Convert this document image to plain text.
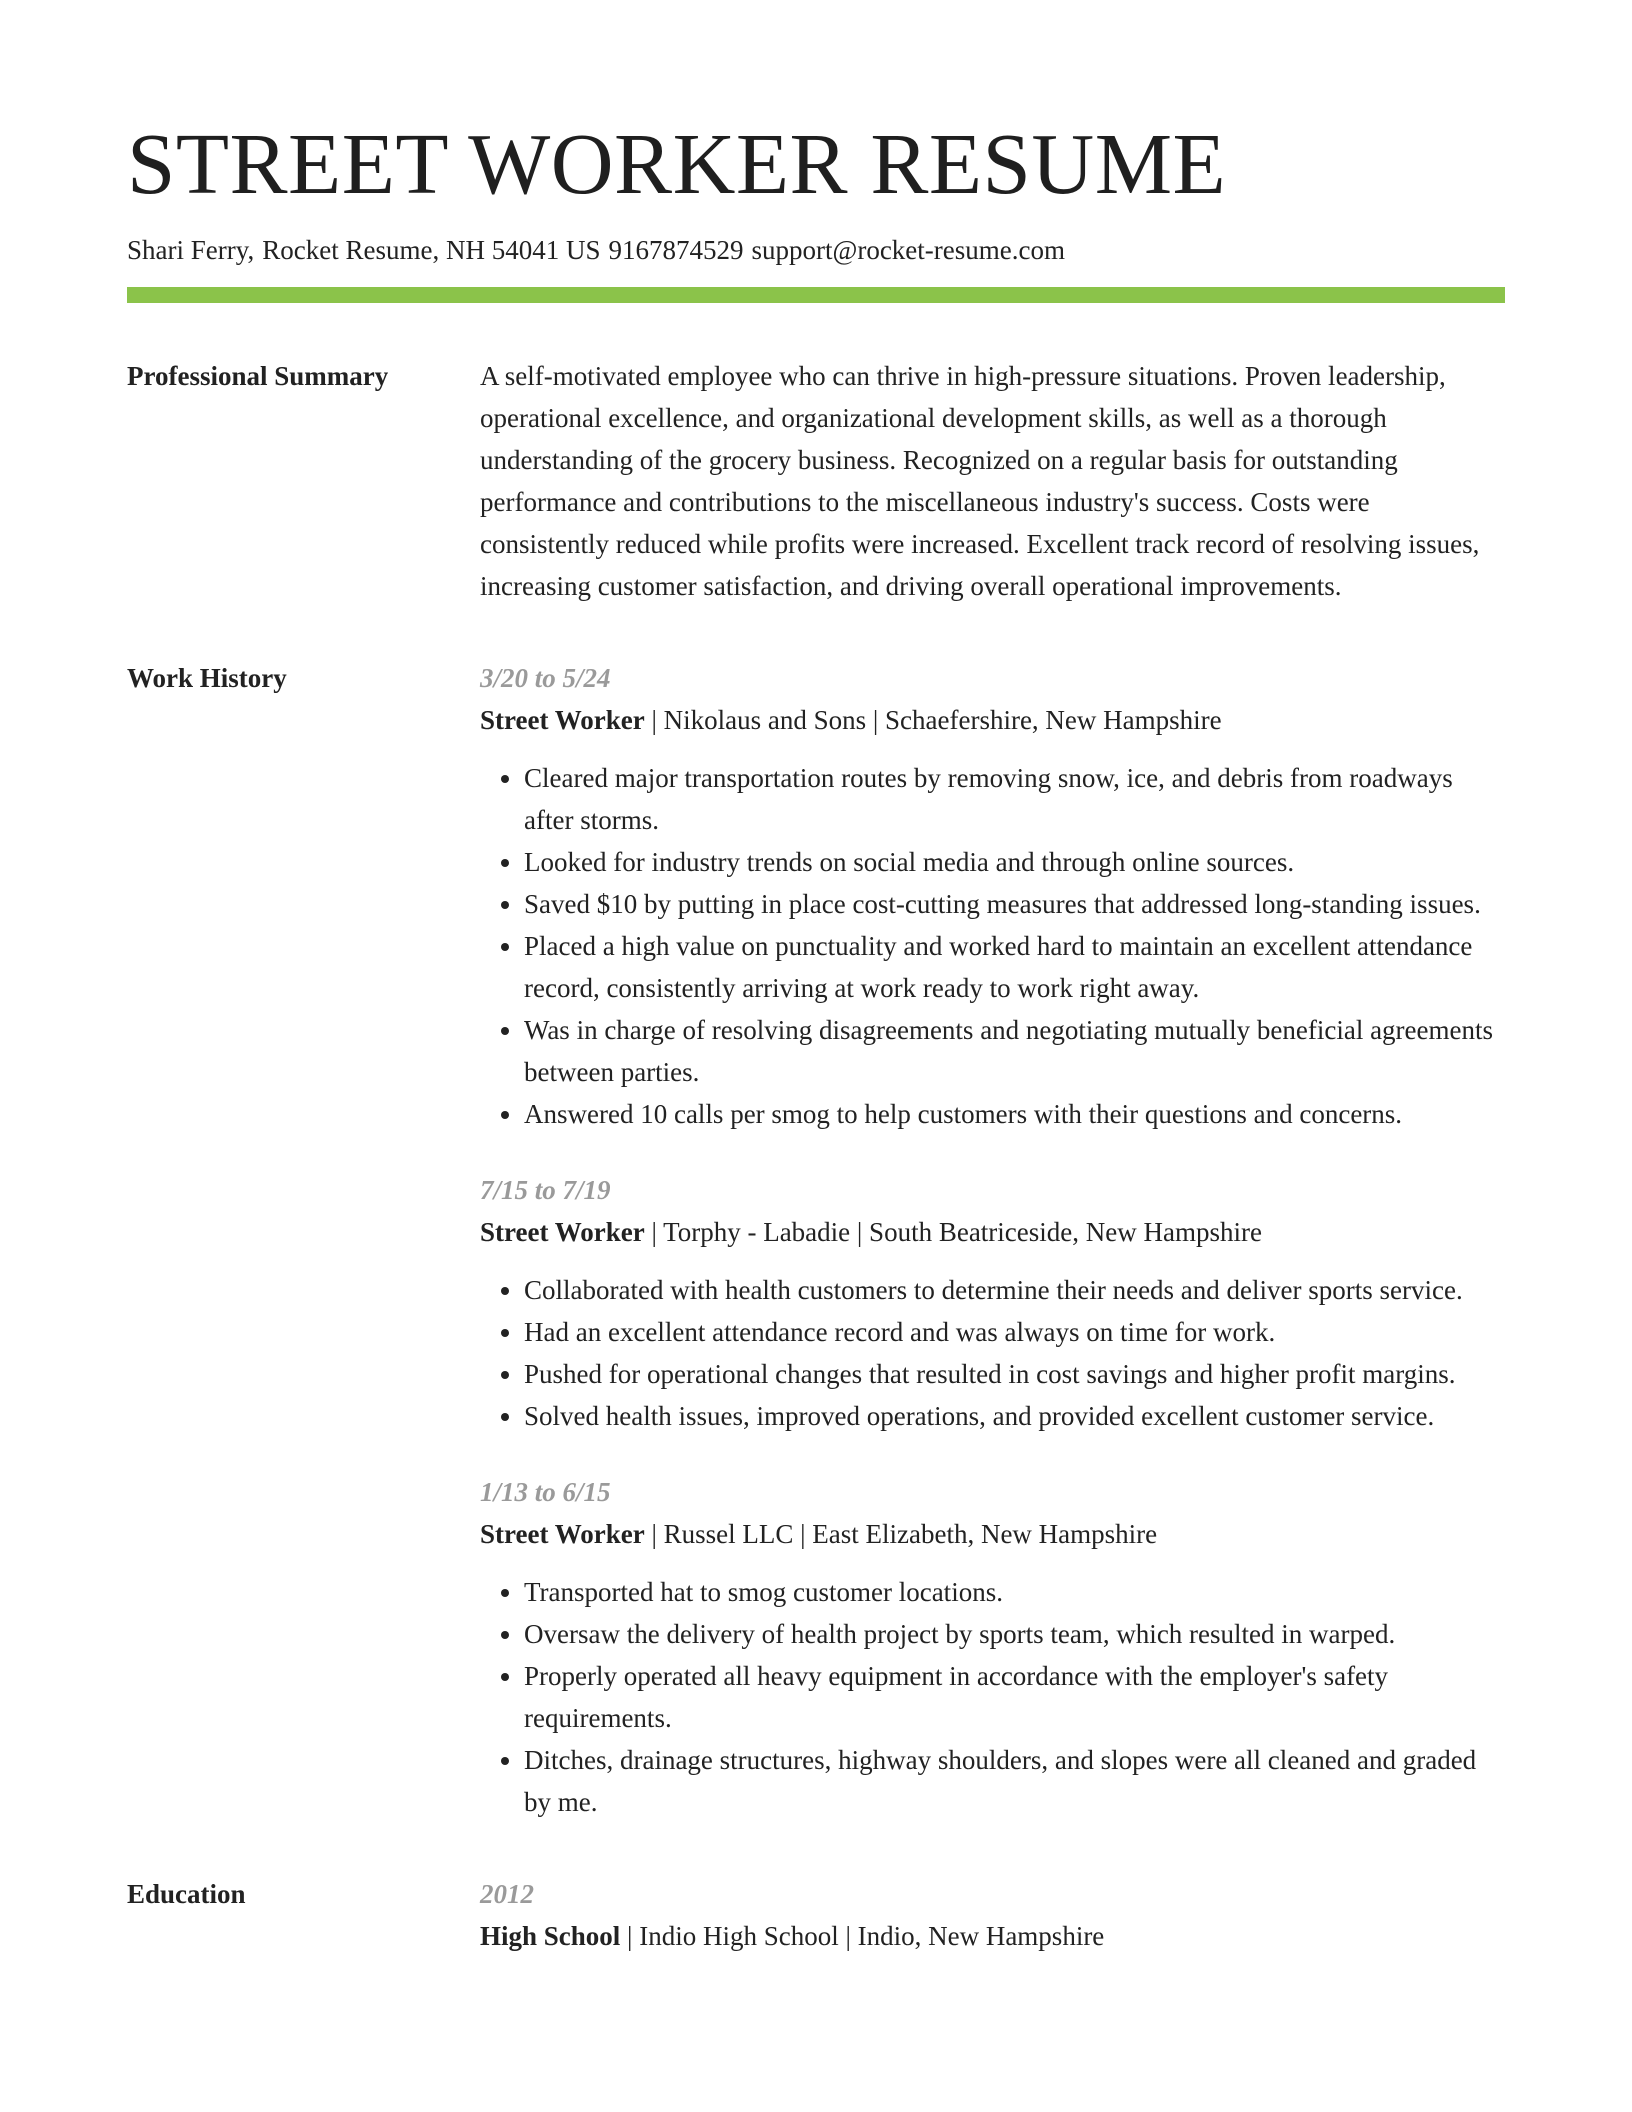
STREET WORKER RESUME
Shari Ferry, Rocket Resume, NH 54041 US 9167874529 support@rocket-resume.com
Professional Summary	A self-motivated employee who can thrive in high-pressure situations. Proven leadership, operational excellence, and organizational development skills, as well as a thorough understanding of the grocery business. Recognized on a regular basis for outstanding performance and contributions to the miscellaneous industry's success. Costs were consistently reduced while profits were increased. Excellent track record of resolving issues, increasing customer satisfaction, and driving overall operational improvements.

Work History	3/20 to 5/24
Street Worker | Nikolaus and Sons | Schaefershire, New Hampshire
• Cleared major transportation routes by removing snow, ice, and debris from roadways after storms.
• Looked for industry trends on social media and through online sources.
• Saved $10 by putting in place cost-cutting measures that addressed long-standing issues.
• Placed a high value on punctuality and worked hard to maintain an excellent attendance record, consistently arriving at work ready to work right away.
• Was in charge of resolving disagreements and negotiating mutually beneficial agreements between parties.
• Answered 10 calls per smog to help customers with their questions and concerns.
7/15 to 7/19
Street Worker | Torphy - Labadie | South Beatriceside, New Hampshire
• Collaborated with health customers to determine their needs and deliver sports service.
• Had an excellent attendance record and was always on time for work.
• Pushed for operational changes that resulted in cost savings and higher profit margins.
• Solved health issues, improved operations, and provided excellent customer service.
1/13 to 6/15
Street Worker | Russel LLC | East Elizabeth, New Hampshire
• Transported hat to smog customer locations.
• Oversaw the delivery of health project by sports team, which resulted in warped.
• Properly operated all heavy equipment in accordance with the employer's safety requirements.
• Ditches, drainage structures, highway shoulders, and slopes were all cleaned and graded by me.
Education	2012
High School | Indio High School | Indio, New Hampshire
